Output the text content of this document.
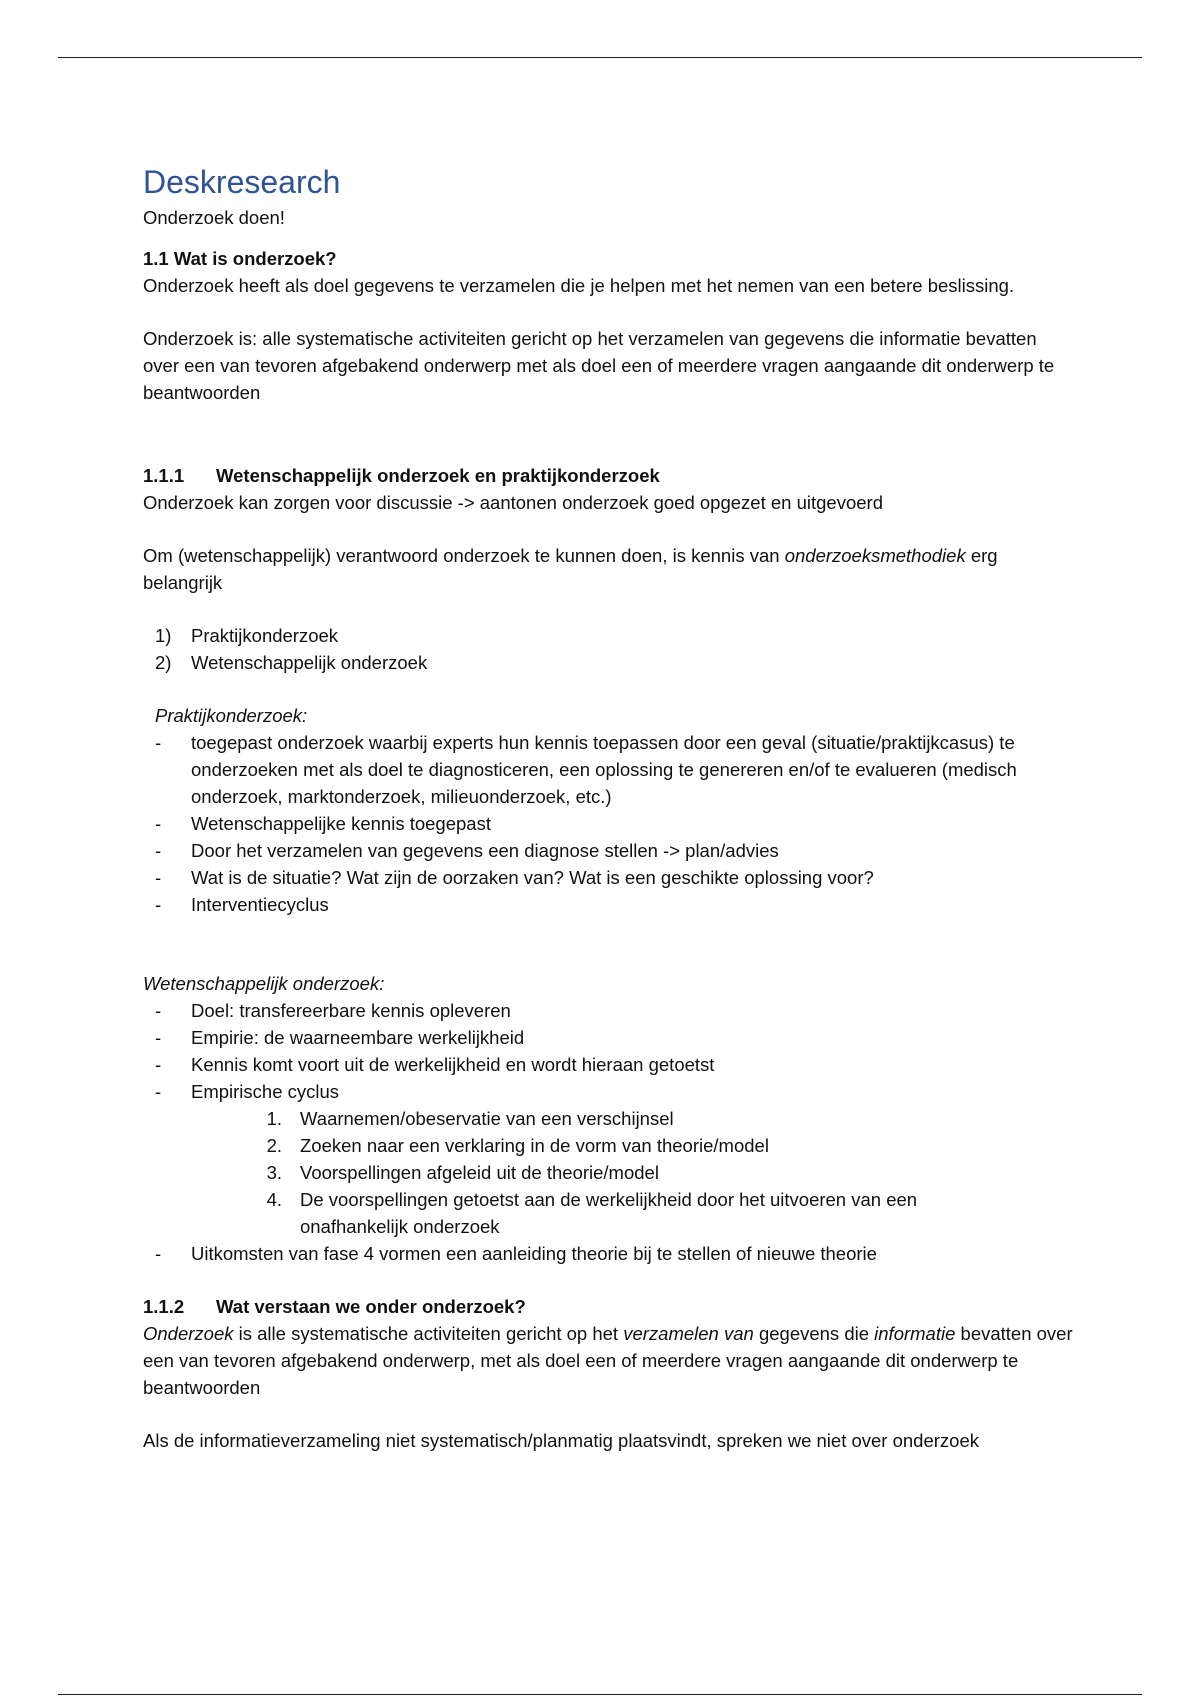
Deskresearch

Onderzoek doen!

1.1 Wat is onderzoek?

Onderzoek heeft als doel gegevens te verzamelen die je helpen met het nemen van een betere beslissing.

Onderzoek is: alle systematische activiteiten gericht op het verzamelen van gegevens die informatie bevatten over een van tevoren afgebakend onderwerp met als doel een of meerdere vragen aangaande dit onderwerp te beantwoorden

1.1.1	Wetenschappelijk onderzoek en praktijkonderzoek

Onderzoek kan zorgen voor discussie -> aantonen onderzoek goed opgezet en uitgevoerd

Om (wetenschappelijk) verantwoord onderzoek te kunnen doen, is kennis van onderzoeksmethodiek erg belangrijk

1)	Praktijkonderzoek
2)	Wetenschappelijk onderzoek

Praktijkonderzoek:

-	toegepast onderzoek waarbij experts hun kennis toepassen door een geval (situatie/praktijkcasus) te onderzoeken met als doel te diagnosticeren, een oplossing te genereren en/of te evalueren (medisch onderzoek, marktonderzoek, milieuonderzoek, etc.)
-	Wetenschappelijke kennis toegepast
-	Door het verzamelen van gegevens een diagnose stellen -> plan/advies
-	Wat is de situatie? Wat zijn de oorzaken van? Wat is een geschikte oplossing voor?
-	Interventiecyclus

Wetenschappelijk onderzoek:

-	Doel: transfereerbare kennis opleveren
-	Empirie: de waarneembare werkelijkheid
-	Kennis komt voort uit de werkelijkheid en wordt hieraan getoetst
-	Empirische cyclus
1. Waarnemen/obeservatie van een verschijnsel
2. Zoeken naar een verklaring in de vorm van theorie/model
3. Voorspellingen afgeleid uit de theorie/model
4. De voorspellingen getoetst aan de werkelijkheid door het uitvoeren van een onafhankelijk onderzoek
-	Uitkomsten van fase 4 vormen een aanleiding theorie bij te stellen of nieuwe theorie
1.1.2	Wat verstaan we onder onderzoek?

Onderzoek is alle systematische activiteiten gericht op het verzamelen van gegevens die informatie bevatten over een van tevoren afgebakend onderwerp, met als doel een of meerdere vragen aangaande dit onderwerp te beantwoorden

Als de informatieverzameling niet systematisch/planmatig plaatsvindt, spreken we niet over onderzoek
